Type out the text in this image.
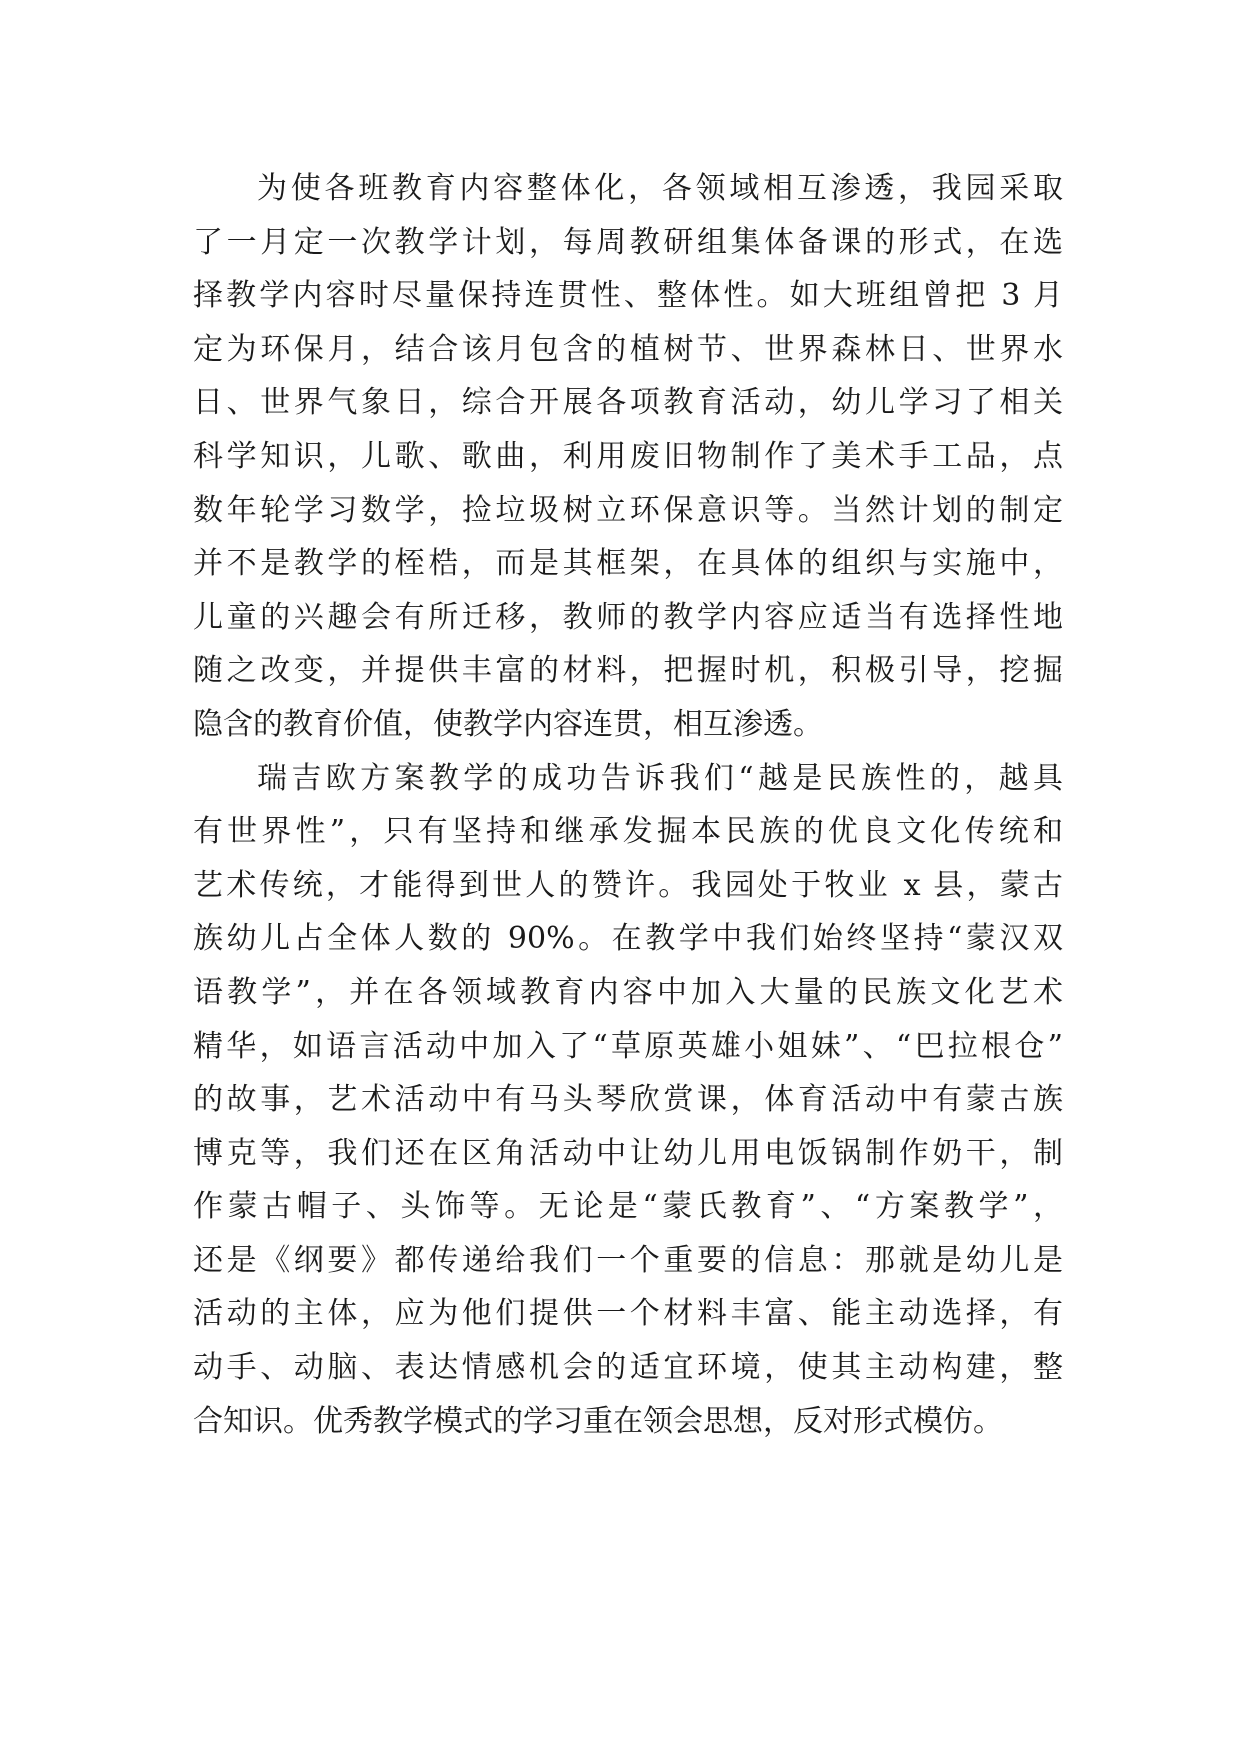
为使各班教育内容整体化，各领域相互渗透，我园采取
了一月定一次教学计划，每周教研组集体备课的形式，在选
择教学内容时尽量保持连贯性、整体性。如大班组曾把 3 月
定为环保月，结合该月包含的植树节、世界森林日、世界水
日、世界气象日，综合开展各项教育活动，幼儿学习了相关
科学知识，儿歌、歌曲，利用废旧物制作了美术手工品，点
数年轮学习数学，捡垃圾树立环保意识等。当然计划的制定
并不是教学的桎梏，而是其框架，在具体的组织与实施中，
儿童的兴趣会有所迁移，教师的教学内容应适当有选择性地
随之改变，并提供丰富的材料，把握时机，积极引导，挖掘
隐含的教育价值，使教学内容连贯，相互渗透。
瑞吉欧方案教学的成功告诉我们“越是民族性的，越具
有世界性”，只有坚持和继承发掘本民族的优良文化传统和
艺术传统，才能得到世人的赞许。我园处于牧业 x 县，蒙古
族幼儿占全体人数的 90%。在教学中我们始终坚持“蒙汉双
语教学”，并在各领域教育内容中加入大量的民族文化艺术
精华，如语言活动中加入了“草原英雄小姐妹”、“巴拉根仓”
的故事，艺术活动中有马头琴欣赏课，体育活动中有蒙古族
博克等，我们还在区角活动中让幼儿用电饭锅制作奶干，制
作蒙古帽子、头饰等。无论是“蒙氏教育”、“方案教学”，
还是《纲要》都传递给我们一个重要的信息：那就是幼儿是
活动的主体，应为他们提供一个材料丰富、能主动选择，有
动手、动脑、表达情感机会的适宜环境，使其主动构建，整
合知识。优秀教学模式的学习重在领会思想，反对形式模仿。
